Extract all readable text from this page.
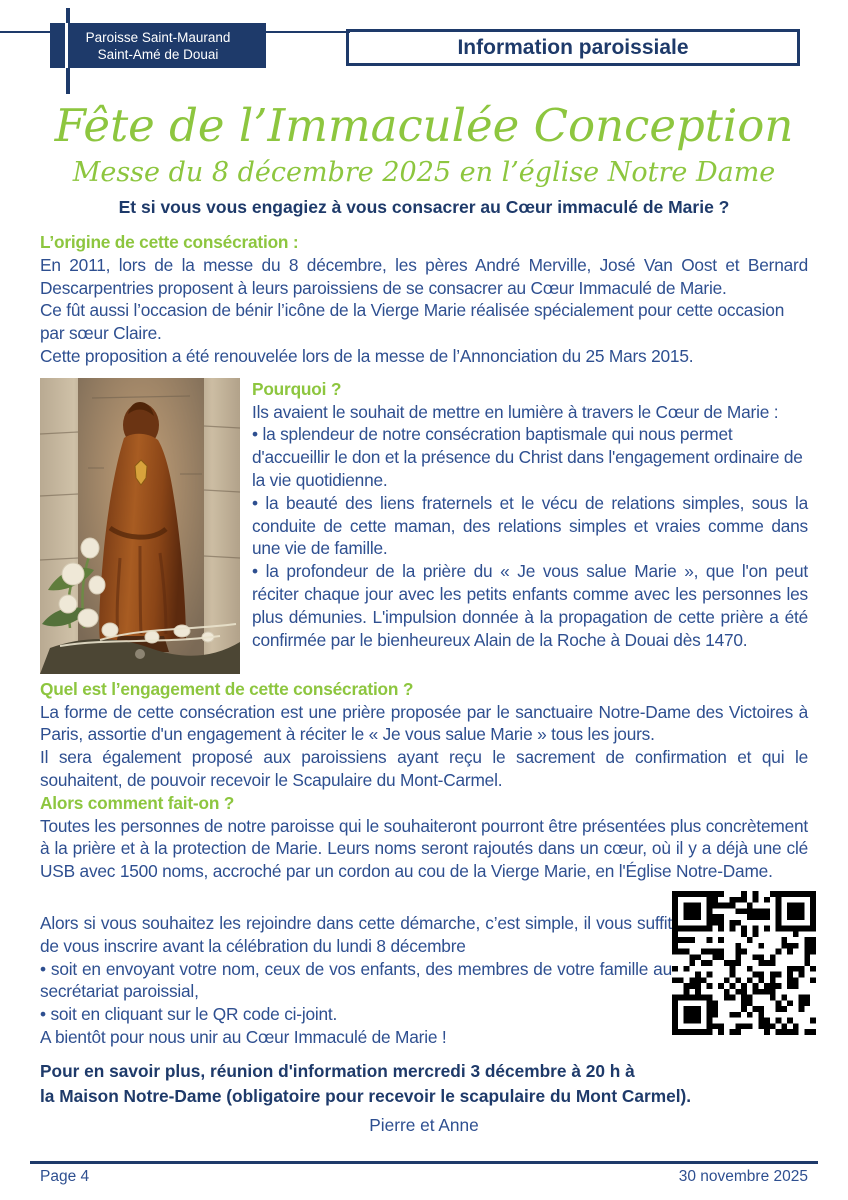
Paroisse Saint-Maurand
Saint-Amé de Douai	Information paroissiale
Fête de l’Immaculée Conception
Messe du 8 décembre 2025 en l’église Notre Dame
Et si vous vous engagiez à vous consacrer au Cœur immaculé de Marie ?
L’origine de cette consécration :
En 2011, lors de la messe du 8 décembre, les pères André Merville, José Van Oost et Bernard Descarpentries proposent à leurs paroissiens de se consacrer au Cœur Immaculé de Marie.
Ce fût aussi l’occasion de bénir l’icône de la Vierge Marie réalisée spécialement pour cette occasion par sœur Claire.
Cette proposition a été renouvelée lors de la messe de l’Annonciation du 25 Mars 2015.
Pourquoi ?
Ils avaient le souhait de mettre en lumière à travers le Cœur de Marie :
• la splendeur de notre consécration baptismale qui nous permet d'accueillir le don et la présence du Christ dans l'engagement ordinaire de la vie quotidienne.
• la beauté des liens fraternels et le vécu de relations simples, sous la conduite de cette maman, des relations simples et vraies comme dans une vie de famille.
• la profondeur de la prière du « Je vous salue Marie », que l'on peut réciter chaque jour avec les petits enfants comme avec les personnes les plus démunies. L'impulsion donnée à la propagation de cette prière a été confirmée par le bienheureux Alain de la Roche à Douai dès 1470.
Quel est l’engagement de cette consécration ?
La forme de cette consécration est une prière proposée par le sanctuaire Notre-Dame des Victoires à Paris, assortie d'un engagement à réciter le « Je vous salue Marie » tous les jours.
Il sera également proposé aux paroissiens ayant reçu le sacrement de confirmation et qui le souhaitent, de pouvoir recevoir le Scapulaire du Mont-Carmel.
Alors comment fait-on ?
Toutes les personnes de notre paroisse qui le souhaiteront pourront être présentées plus concrètement à la prière et à la protection de Marie. Leurs noms seront rajoutés dans un cœur, où il y a déjà une clé USB avec 1500 noms, accroché par un cordon au cou de la Vierge Marie, en l'Église Notre-Dame.
Alors si vous souhaitez les rejoindre dans cette démarche, c’est simple, il vous suffit de vous inscrire avant la célébration du lundi 8 décembre
• soit en envoyant votre nom, ceux de vos enfants, des membres de votre famille au secrétariat paroissial,
• soit en cliquant sur le QR code ci-joint.
A bientôt pour nous unir au Cœur Immaculé de Marie !
Pour en savoir plus, réunion d'information mercredi 3 décembre à 20 h à
la Maison Notre-Dame (obligatoire pour recevoir le scapulaire du Mont Carmel).
Pierre et Anne
Page 4	30 novembre 2025
